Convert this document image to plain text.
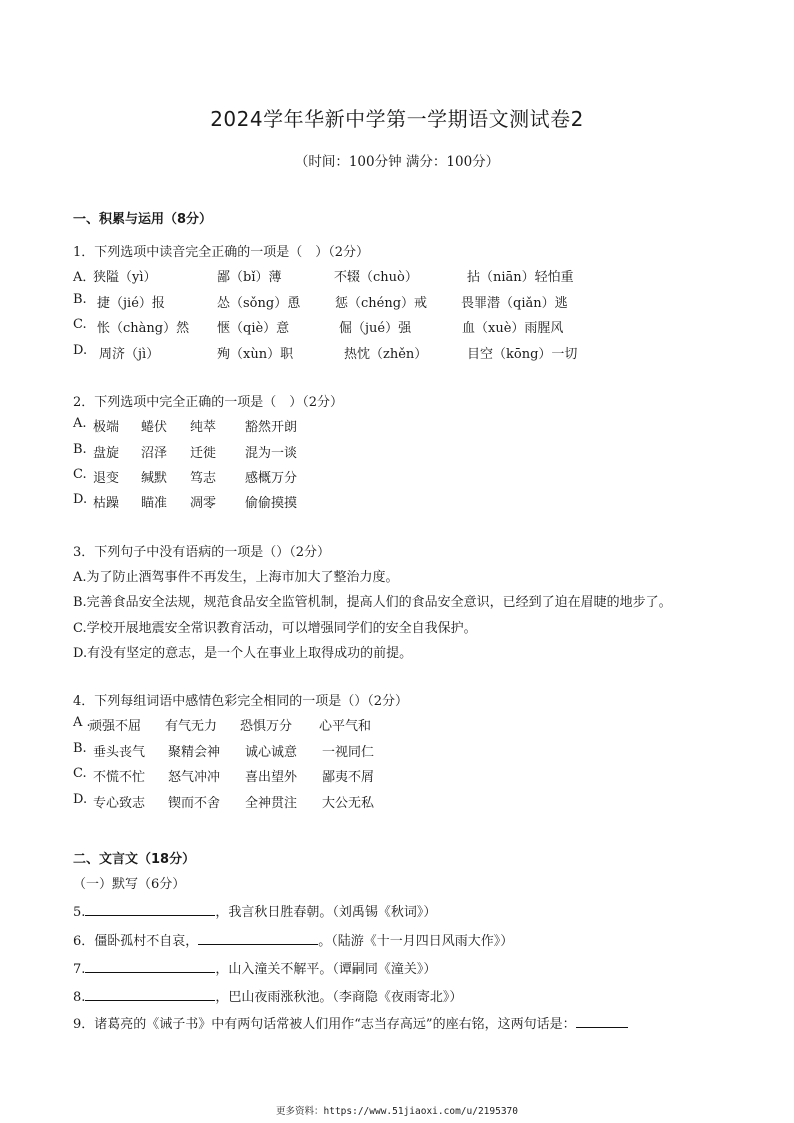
2024学年华新中学第一学期语文测试卷2
（时间：100分钟 满分：100分）
一、积累与运用（8分）
1．下列选项中读音完全正确的一项是（　）（2分）
A．
狭隘（yì）	鄙（bǐ）薄	不辍（chuò）	拈（niān）轻怕重
B. 捷（jié）报	怂（sǒng）恿	惩（chéng）戒	畏罪潜（qiǎn）逃
C. 怅（chàng）然 惬（qiè）意	倔（jué）强	血（xuè）雨腥风
D. 周济（jì）	殉（xùn）职	热忱（zhěn）	目空（kōng）一切
2．下列选项中完全正确的一项是（　）（2分）
A. 极端 蜷伏 纯萃 豁然开朗
B. 盘旋 沼泽 迁徙 混为一谈
C. 退变 缄默 笃志 感概万分
D. 枯躁 瞄准 凋零 偷偷摸摸
3．下列句子中没有语病的一项是（）（2分）
A.为了防止酒驾事件不再发生，上海市加大了整治力度。
B.完善食品安全法规，规范食品安全监管机制，提高人们的食品安全意识，已经到了迫在眉睫的地步了。
C.学校开展地震安全常识教育活动，可以增强同学们的安全自我保护。
D.有没有坚定的意志，是一个人在事业上取得成功的前提。
4．下列每组词语中感情色彩完全相同的一项是（）（2分）
A .
顽强不屈 有气无力 恐惧万分 心平气和
B. 垂头丧气 聚精会神 诚心诚意 一视同仁
C. 不慌不忙 怒气冲冲 喜出望外 鄙夷不屑
D. 专心致志 锲而不舍 全神贯注 大公无私
二、文言文（18分）
（一）默写（6分）
5.	，我言秋日胜春朝。（刘禹锡《秋词》）
6．僵卧孤村不自哀，	。（陆游《十一月四日风雨大作》）
7.	，山入潼关不解平。（谭嗣同《潼关》）
8.	，巴山夜雨涨秋池。（李商隐《夜雨寄北》）
9．诸葛亮的《诫子书》中有两句话常被人们用作“志当存高远”的座右铭，这两句话是：
更多资料：https://www.51jiaoxi.com/u/2195370
